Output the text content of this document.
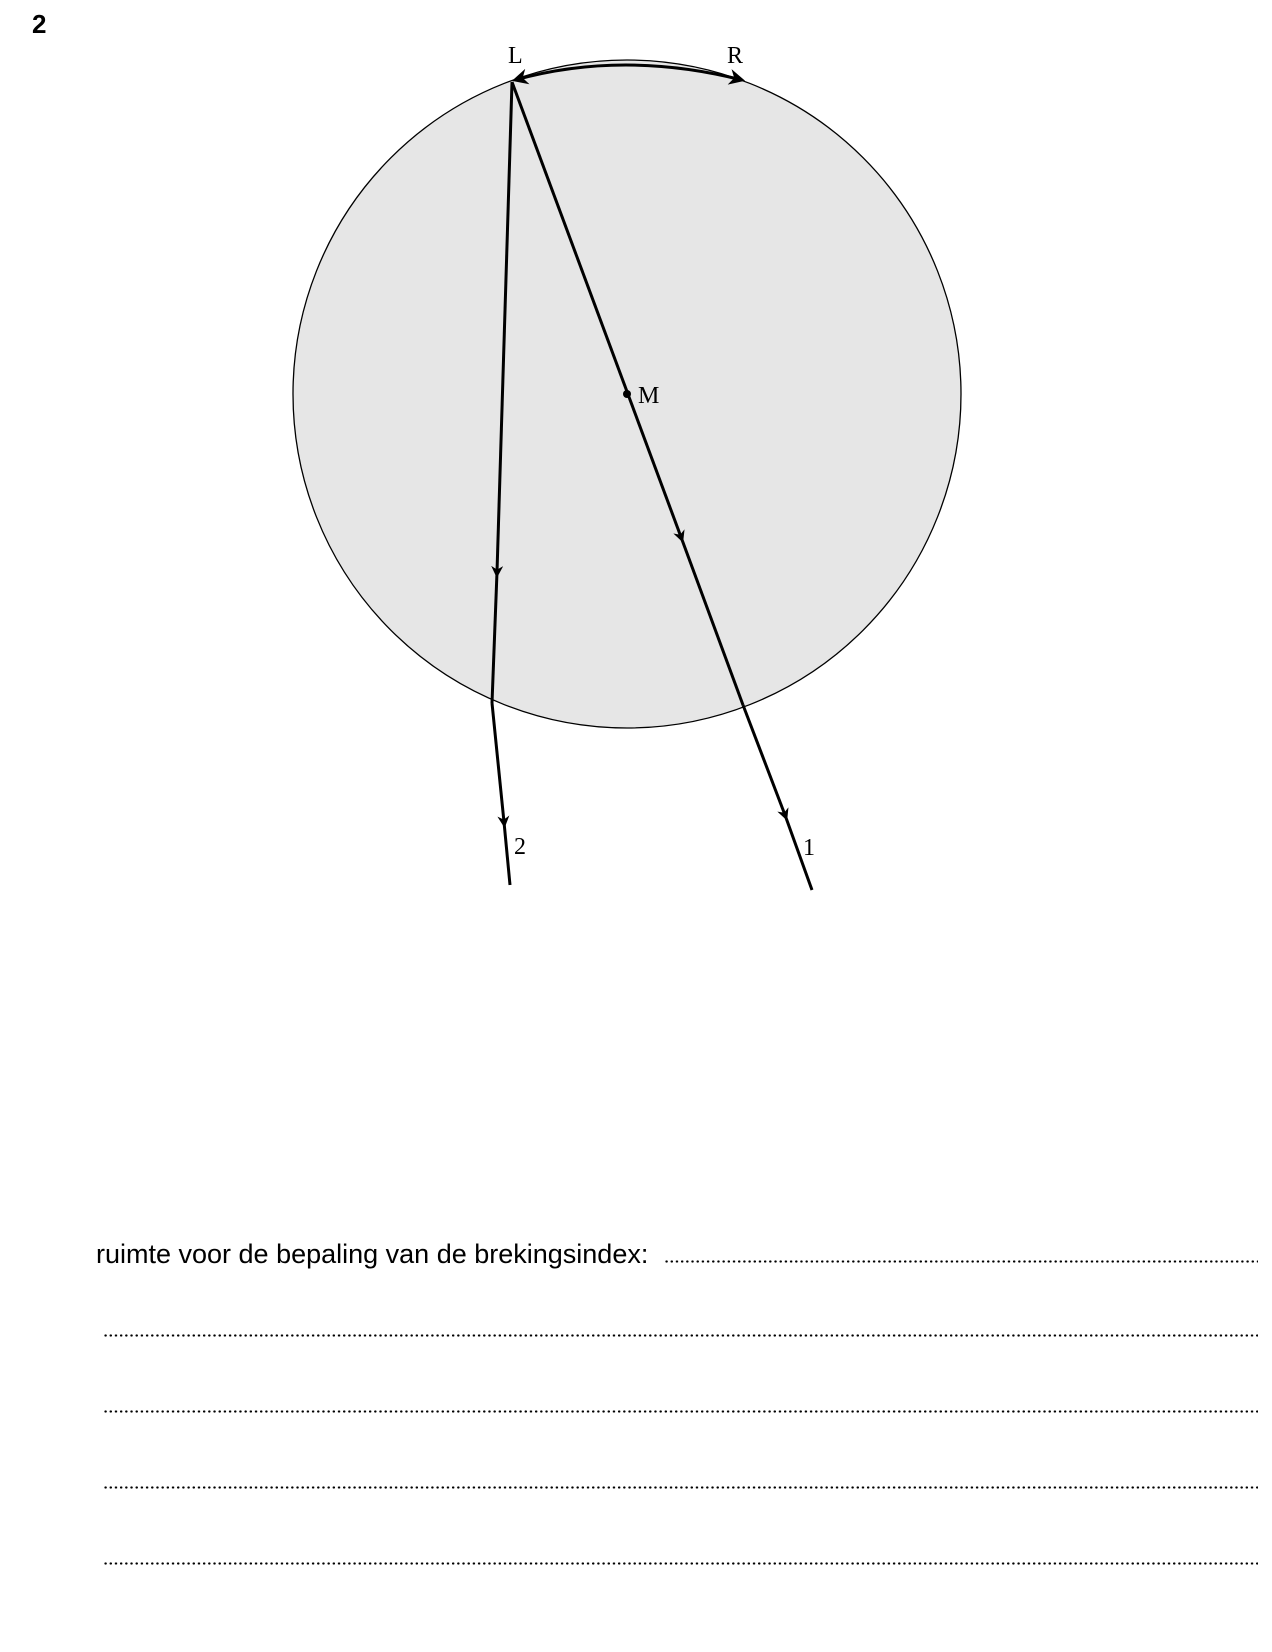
2
L	R
M
2	1
ruimte voor de bepaling van de brekingsindex:
